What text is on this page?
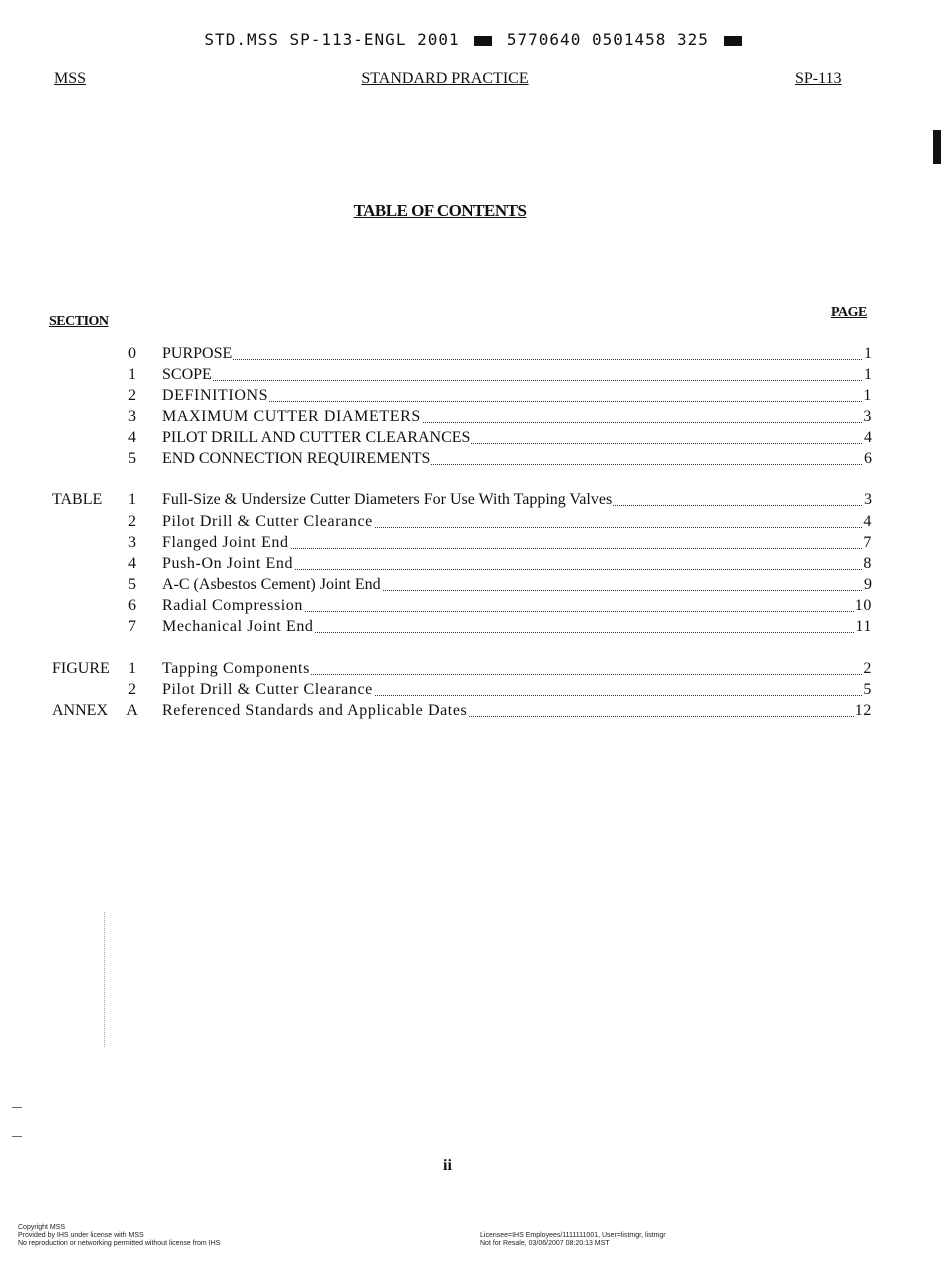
STD.MSS SP-113-ENGL 2001	5770640 0501458 325
MSS	STANDARD PRACTICE	SP-113
TABLE OF CONTENTS
SECTION
PAGE
0 PURPOSE	1
1 SCOPE	1
2 DEFINITIONS	1
3 MAXIMUM CUTTER DIAMETERS	3
4 PILOT DRILL AND CUTTER CLEARANCES	4
5 END CONNECTION REQUIREMENTS	6
TABLE 1 Full-Size & Undersize Cutter Diameters For Use With Tapping Valves	3
2 Pilot Drill & Cutter Clearance	4
3 Flanged Joint End	7
4 Push-On Joint End	8
5 A-C (Asbestos Cement) Joint End	9
6 Radial Compression	10
7 Mechanical Joint End	11
FIGURE 1 Tapping Components	2
2 Pilot Drill & Cutter Clearance	5
ANNEX A Referenced Standards and Applicable Dates	12
ii
Copyright MSS
Provided by IHS under license with MSS
No reproduction or networking permitted without license from IHS
Licensee=IHS Employees/1111111001, User=listmgr, listmgr
Not for Resale, 03/06/2007 08:20:13 MST
